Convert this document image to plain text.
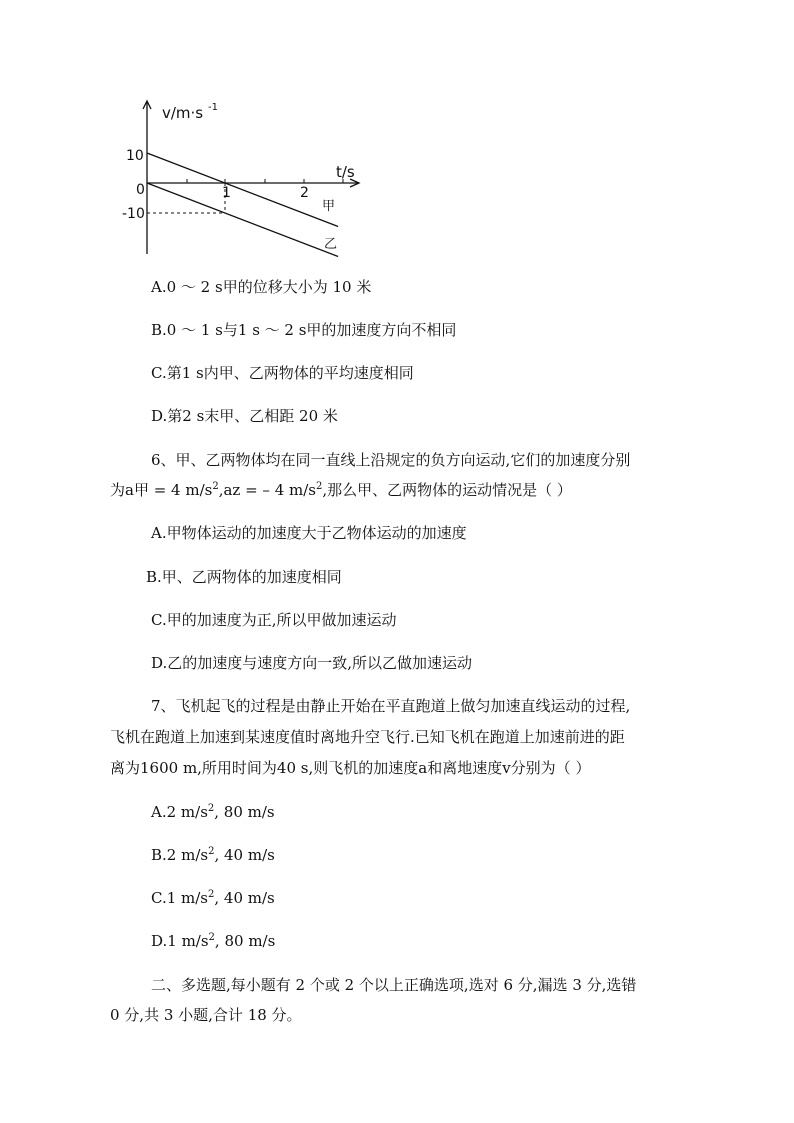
v/m·s -1
t/s
10
0
-10
1	2
甲
乙
A.0 ～ 2 s甲的位移大小为 10 米
B.0 ～ 1 s与1 s ～ 2 s甲的加速度方向不相同
C.第1 s内甲、乙两物体的平均速度相同
D.第2 s末甲、乙相距 20 米
6、甲、乙两物体均在同一直线上沿规定的负方向运动,它们的加速度分别
为a甲 = 4 $m/s^2,az$ = – 4 $m/s^2$,那么甲、乙两物体的运动情况是（ ）
A.甲物体运动的加速度大于乙物体运动的加速度
B.甲、乙两物体的加速度相同
C.甲的加速度为正,所以甲做加速运动
D.乙的加速度与速度方向一致,所以乙做加速运动
7、飞机起飞的过程是由静止开始在平直跑道上做匀加速直线运动的过程,
飞机在跑道上加速到某速度值时离地升空飞行.已知飞机在跑道上加速前进的距
离为1600 m,所用时间为40 s,则飞机的加速度a和离地速度v分别为（ ）
A.2 $m/s^2$, 80 m/s
B.2 $m/s^2$, 40 m/s
C.1 $m/s^2$, 40 m/s
D.1 $m/s^2$, 80 m/s
二、多选题,每小题有 2 个或 2 个以上正确选项,选对 6 分,漏选 3 分,选错
0 分,共 3 小题,合计 18 分。
